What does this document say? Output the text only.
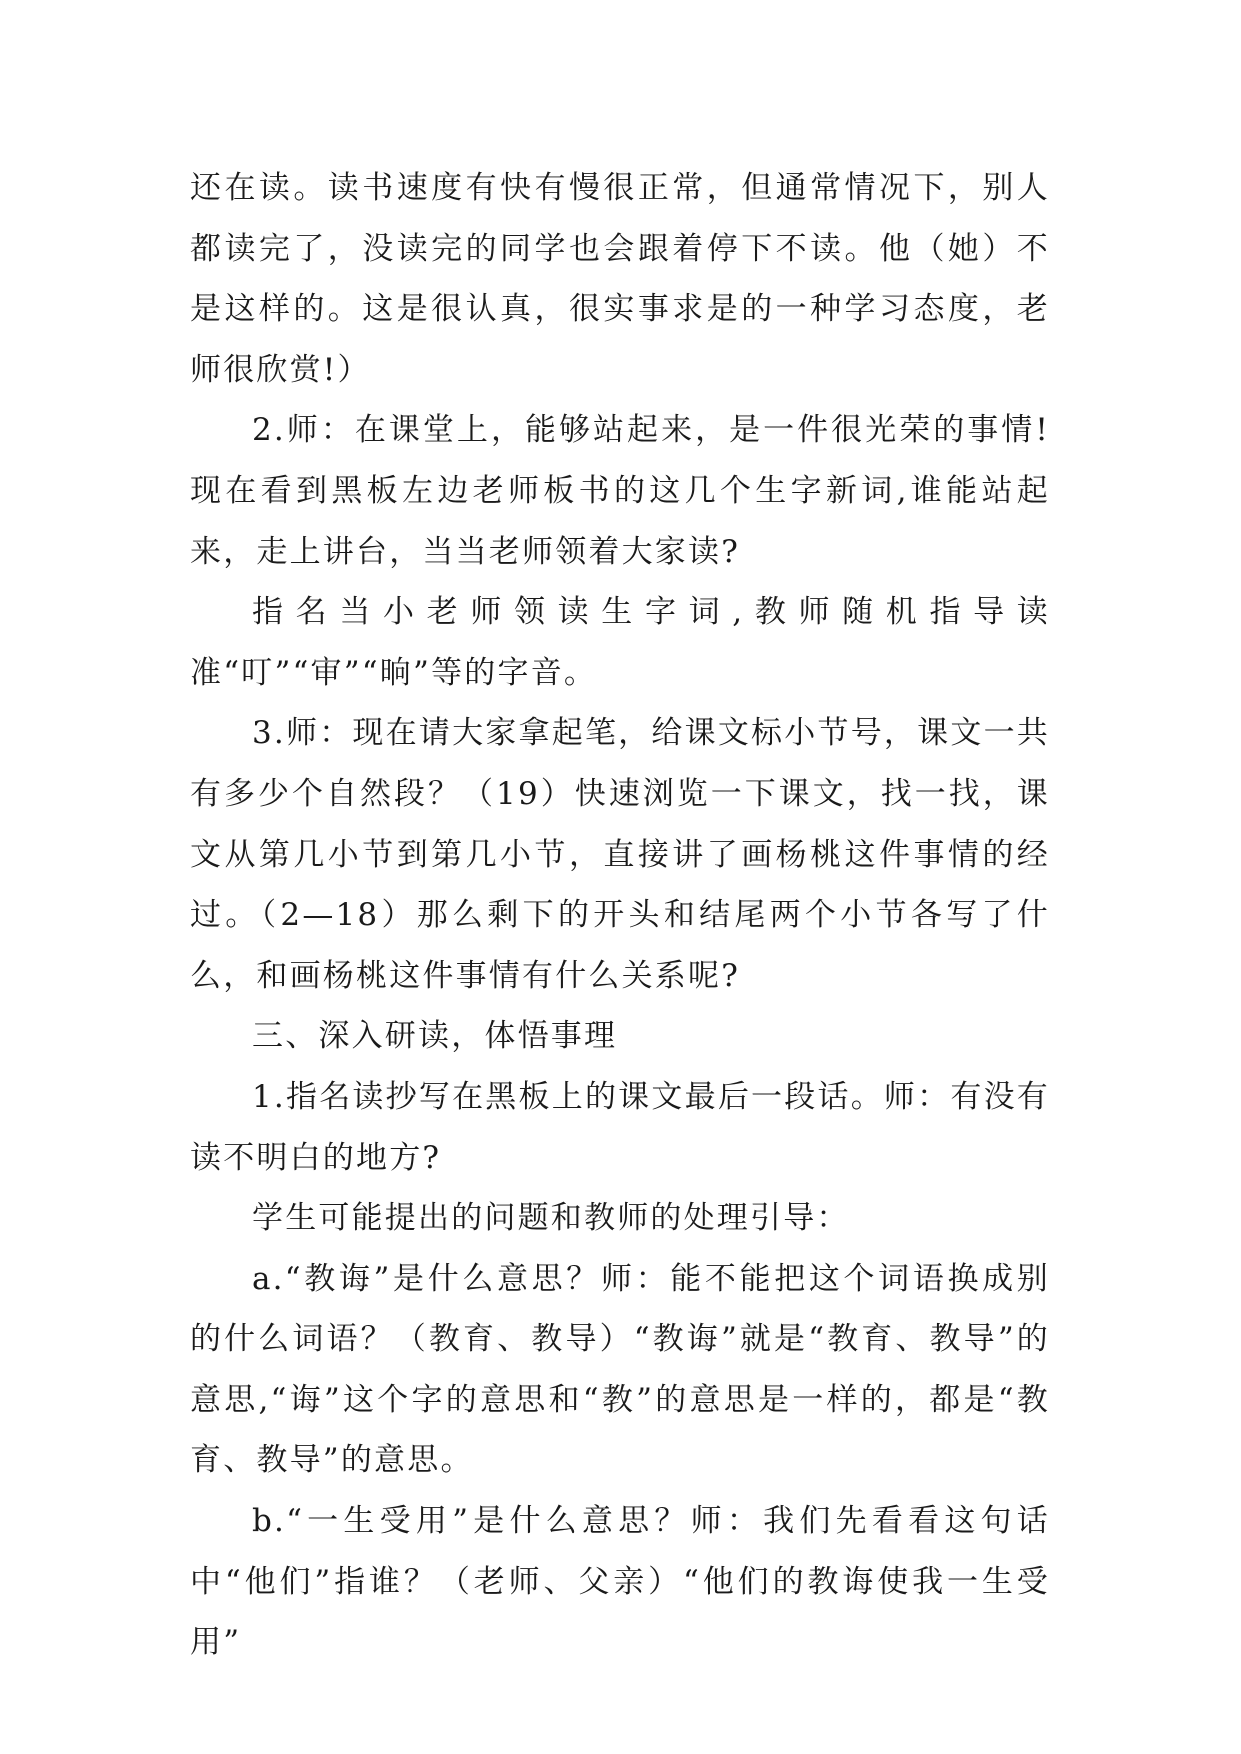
还在读。读书速度有快有慢很正常，但通常情况下，别人都读完了，没读完的同学也会跟着停下不读。他（她）不是这样的。这是很认真，很实事求是的一种学习态度，老师很欣赏!）

2.师：在课堂上，能够站起来，是一件很光荣的事情!现在看到黑板左边老师板书的这几个生字新词,谁能站起来，走上讲台，当当老师领着大家读?

指名当小老师领读生字词,教师随机指导读准“叮”“审”“晌”等的字音。

3.师：现在请大家拿起笔，给课文标小节号，课文一共有多少个自然段？（19）快速浏览一下课文，找一找，课文从第几小节到第几小节，直接讲了画杨桃这件事情的经过。（2—18）那么剩下的开头和结尾两个小节各写了什么，和画杨桃这件事情有什么关系呢?

三、深入研读，体悟事理

1.指名读抄写在黑板上的课文最后一段话。师：有没有读不明白的地方?

学生可能提出的问题和教师的处理引导：

a.“教诲”是什么意思？师：能不能把这个词语换成别的什么词语？（教育、教导）“教诲”就是“教育、教导”的意思,“诲”这个字的意思和“教”的意思是一样的，都是“教育、教导”的意思。

b.“一生受用”是什么意思？师：我们先看看这句话中“他们”指谁？（老师、父亲）“他们的教诲使我一生受用”
